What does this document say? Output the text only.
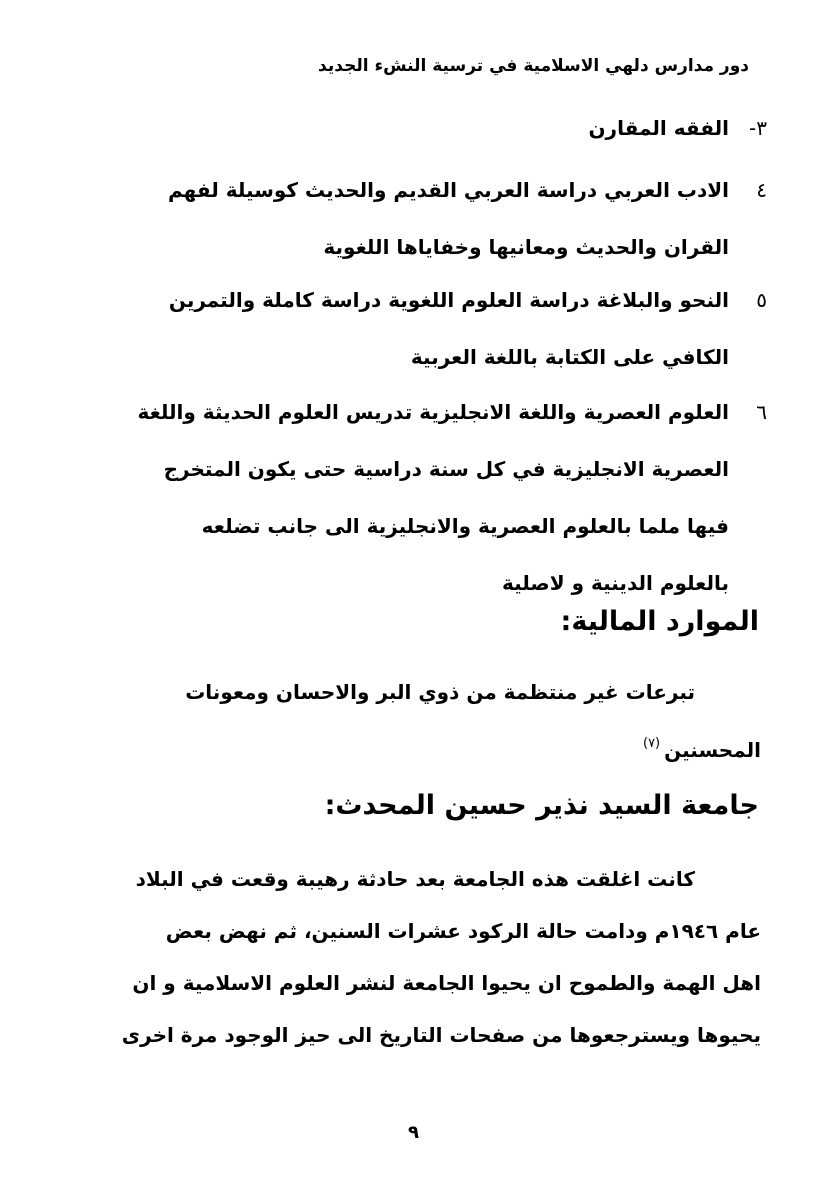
دور مدارس دلهي الاسلامية في ترسية النشء الجديد
٣-الفقه المقارن
٤الادب العربي دراسة العربي القديم والحديث كوسيلة لفهم
القران والحديث ومعانيها وخفاياها اللغوية
٥النحو والبلاغة دراسة العلوم اللغوية دراسة كاملة والتمرين
الكافي على الكتابة باللغة العربية
٦العلوم العصرية واللغة الانجليزية تدريس العلوم الحديثة واللغة
العصرية الانجليزية في كل سنة دراسية حتى يكون المتخرج
فيها ملما بالعلوم العصرية والانجليزية الى جانب تضلعه
بالعلوم الدينية و لاصلية
الموارد المالية:
تبرعات غير منتظمة من ذوي البر والاحسان ومعونات
المحسنين$^{(٧)}$
جامعة السيد نذير حسين المحدث:
كانت اغلقت هذه الجامعة بعد حادثة رهيبة وقعت في البلاد
عام ١٩٤٦م ودامت حالة الركود عشرات السنين، ثم نهض بعض
اهل الهمة والطموح ان يحيوا الجامعة لنشر العلوم الاسلامية و ان
يحيوها ويسترجعوها من صفحات التاريخ الى حيز الوجود مرة اخرى
٩
